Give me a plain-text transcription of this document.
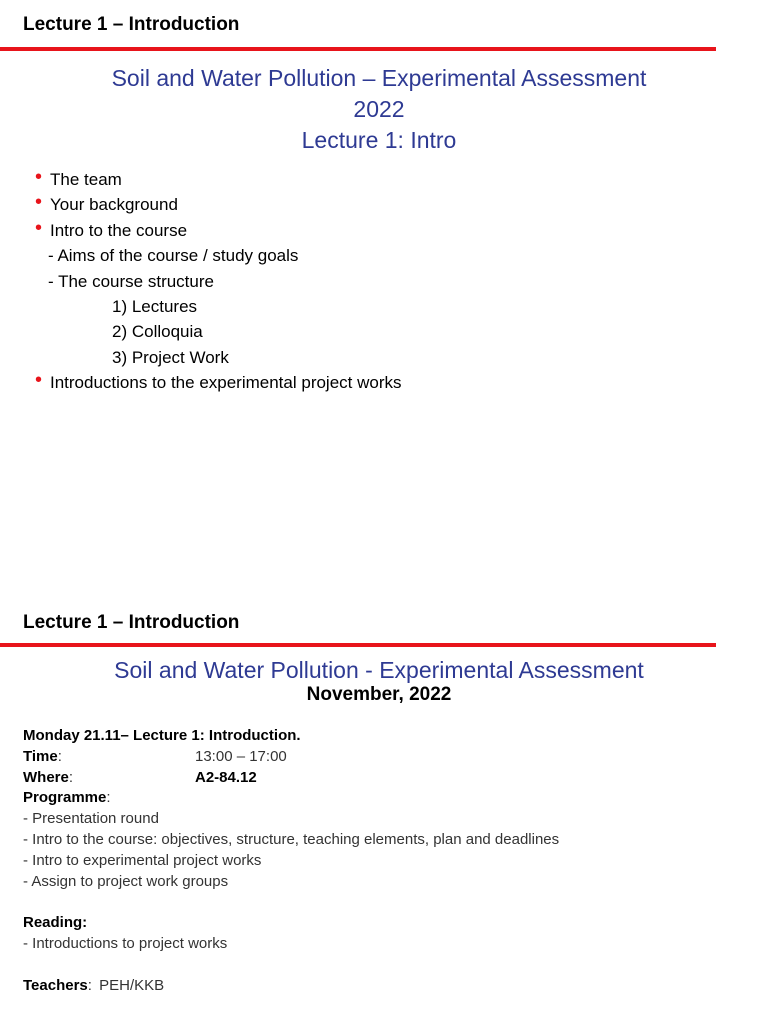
Lecture 1 – Introduction
Soil and Water Pollution – Experimental Assessment
2022
Lecture 1: Intro
• The team
• Your background
• Intro to the course
- Aims of the course / study goals
- The course structure
1) Lectures
2) Colloquia
3) Project Work
• Introductions to the experimental project works
Lecture 1 – Introduction
Soil and Water Pollution - Experimental Assessment
November, 2022
Monday 21.11– Lecture 1: Introduction.
Time:	13:00 – 17:00
Where:	A2-84.12
Programme:
- Presentation round
- Intro to the course: objectives, structure, teaching elements, plan and deadlines
- Intro to experimental project works
- Assign to project work groups
Reading:
- Introductions to project works
Teachers: PEH/KKB
